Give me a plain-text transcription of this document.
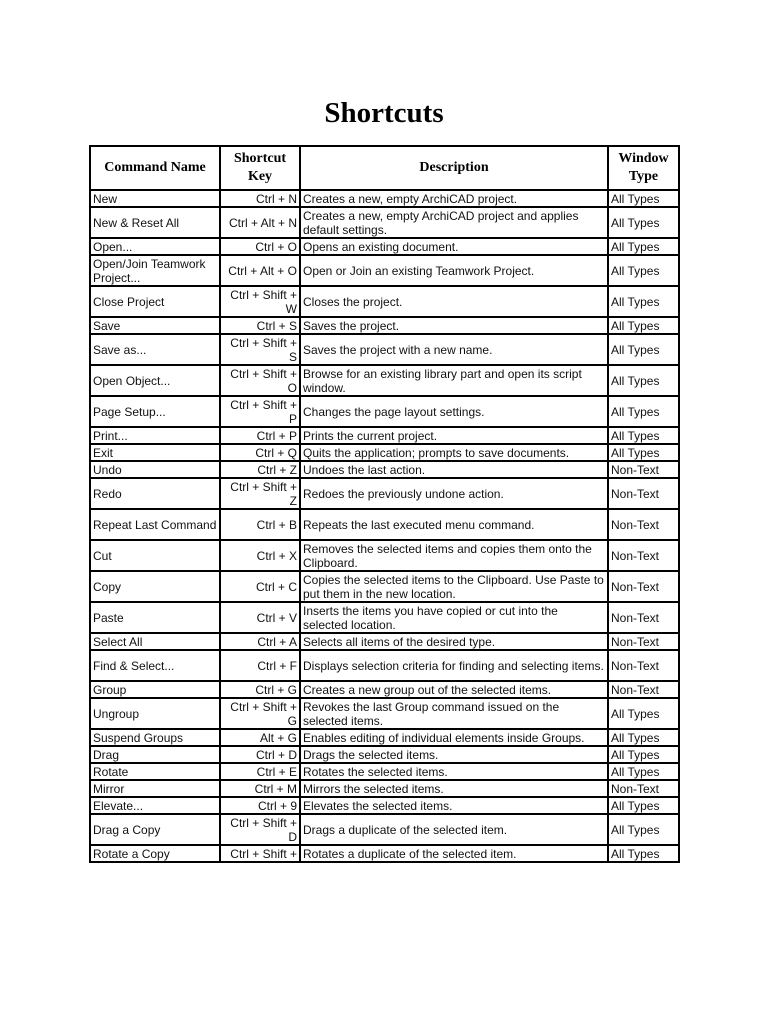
Shortcuts
Command Name	Shortcut Key	Description	Window Type
New	Ctrl + N	Creates a new, empty ArchiCAD project.	All Types
New & Reset All	Ctrl + Alt + N	Creates a new, empty ArchiCAD project and applies default settings.	All Types
Open...	Ctrl + O	Opens an existing document.	All Types
Open/Join Teamwork Project...	Ctrl + Alt + O	Open or Join an existing Teamwork Project.	All Types
Close Project	Ctrl + Shift + W	Closes the project.	All Types
Save	Ctrl + S	Saves the project.	All Types
Save as...	Ctrl + Shift + S	Saves the project with a new name.	All Types
Open Object...	Ctrl + Shift + O	Browse for an existing library part and open its script window.	All Types
Page Setup...	Ctrl + Shift + P	Changes the page layout settings.	All Types
Print...	Ctrl + P	Prints the current project.	All Types
Exit	Ctrl + Q	Quits the application; prompts to save documents.	All Types
Undo	Ctrl + Z	Undoes the last action.	Non-Text
Redo	Ctrl + Shift + Z	Redoes the previously undone action.	Non-Text
Repeat Last Command	Ctrl + B	Repeats the last executed menu command.	Non-Text
Cut	Ctrl + X	Removes the selected items and copies them onto the Clipboard.	Non-Text
Copy	Ctrl + C	Copies the selected items to the Clipboard. Use Paste to put them in the new location.	Non-Text
Paste	Ctrl + V	Inserts the items you have copied or cut into the selected location.	Non-Text
Select All	Ctrl + A	Selects all items of the desired type.	Non-Text
Find & Select...	Ctrl + F	Displays selection criteria for finding and selecting items.	Non-Text
Group	Ctrl + G	Creates a new group out of the selected items.	Non-Text
Ungroup	Ctrl + Shift + G	Revokes the last Group command issued on the selected items.	All Types
Suspend Groups	Alt + G	Enables editing of individual elements inside Groups.	All Types
Drag	Ctrl + D	Drags the selected items.	All Types
Rotate	Ctrl + E	Rotates the selected items.	All Types
Mirror	Ctrl + M	Mirrors the selected items.	Non-Text
Elevate...	Ctrl + 9	Elevates the selected items.	All Types
Drag a Copy	Ctrl + Shift + D	Drags a duplicate of the selected item.	All Types
Rotate a Copy	Ctrl + Shift +	Rotates a duplicate of the selected item.	All Types
